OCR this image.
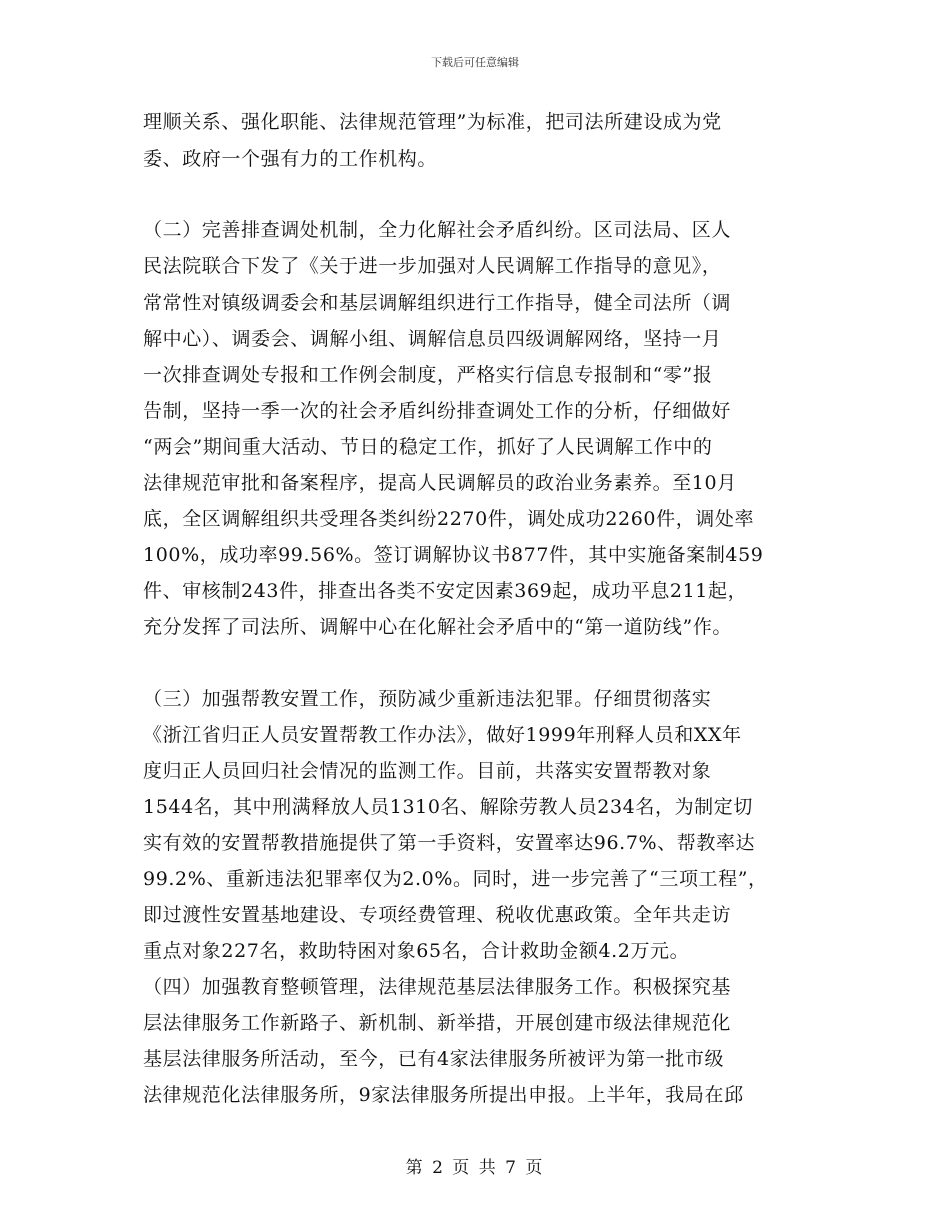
下载后可任意编辑
理顺关系、强化职能、法律规范管理”为标准，把司法所建设成为党
委、政府一个强有力的工作机构。
（二）完善排查调处机制，全力化解社会矛盾纠纷。区司法局、区人
民法院联合下发了《关于进一步加强对人民调解工作指导的意见》，
常常性对镇级调委会和基层调解组织进行工作指导，健全司法所（调
解中心）、调委会、调解小组、调解信息员四级调解网络，坚持一月
一次排查调处专报和工作例会制度，严格实行信息专报制和“零”报
告制，坚持一季一次的社会矛盾纠纷排查调处工作的分析，仔细做好
“两会”期间重大活动、节日的稳定工作，抓好了人民调解工作中的
法律规范审批和备案程序，提高人民调解员的政治业务素养。至10月
底，全区调解组织共受理各类纠纷2270件，调处成功2260件，调处率
100%，成功率99.56%。签订调解协议书877件，其中实施备案制459
件、审核制243件，排查出各类不安定因素369起，成功平息211起，
充分发挥了司法所、调解中心在化解社会矛盾中的“第一道防线”作。
（三）加强帮教安置工作，预防减少重新违法犯罪。仔细贯彻落实
《浙江省归正人员安置帮教工作办法》，做好1999年刑释人员和XX年
度归正人员回归社会情况的监测工作。目前，共落实安置帮教对象
1544名，其中刑满释放人员1310名、解除劳教人员234名，为制定切
实有效的安置帮教措施提供了第一手资料，安置率达96.7%、帮教率达
99.2%、重新违法犯罪率仅为2.0%。同时，进一步完善了“三项工程”，
即过渡性安置基地建设、专项经费管理、税收优惠政策。全年共走访
重点对象227名，救助特困对象65名，合计救助金额4.2万元。
（四）加强教育整顿管理，法律规范基层法律服务工作。积极探究基
层法律服务工作新路子、新机制、新举措，开展创建市级法律规范化
基层法律服务所活动，至今，已有4家法律服务所被评为第一批市级
法律规范化法律服务所，9家法律服务所提出申报。上半年，我局在邱
第 2 页 共 7 页
